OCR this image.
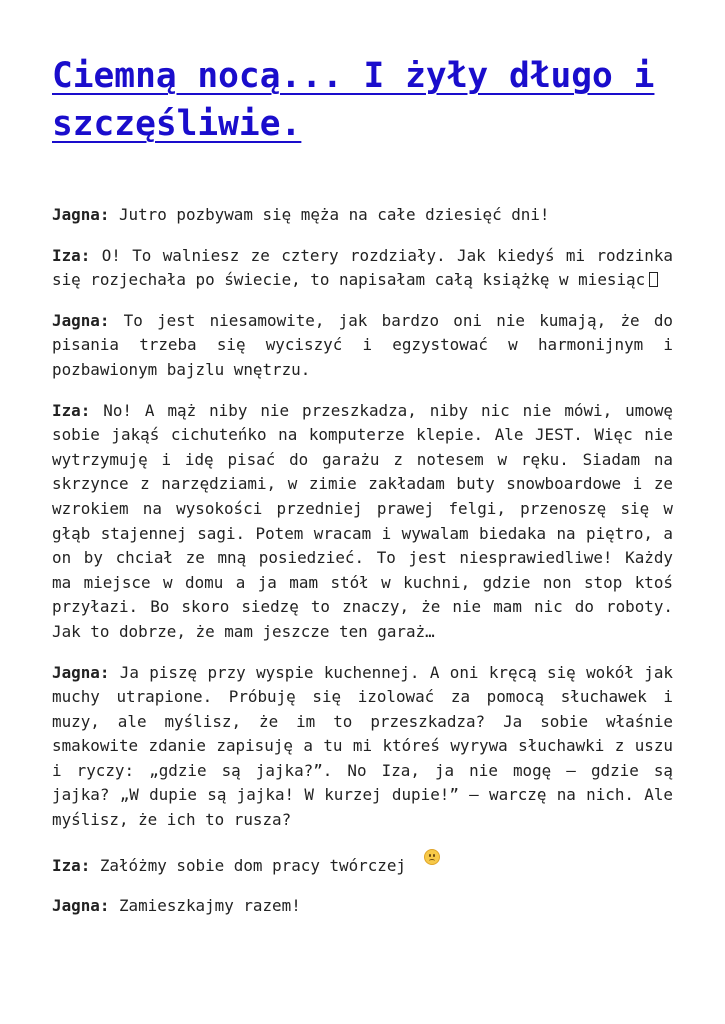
Ciemną nocą... I żyły długo i szczęśliwie.

Jagna: Jutro pozbywam się męża na całe dziesięć dni!

Iza: O! To walniesz ze cztery rozdziały. Jak kiedyś mi rodzinka się rozjechała po świecie, to napisałam całą książkę w miesiąc

Jagna: To jest niesamowite, jak bardzo oni nie kumają, że do pisania trzeba się wyciszyć i egzystować w harmonijnym i pozbawionym bajzlu wnętrzu.

Iza: No! A mąż niby nie przeszkadza, niby nic nie mówi, umowę sobie jakąś cichuteńko na komputerze klepie. Ale JEST. Więc nie wytrzymuję i idę pisać do garażu z notesem w ręku. Siadam na skrzynce z narzędziami, w zimie zakładam buty snowboardowe i ze wzrokiem na wysokości przedniej prawej felgi, przenoszę się w głąb stajennej sagi. Potem wracam i wywalam biedaka na piętro, a on by chciał ze mną posiedzieć. To jest niesprawiedliwe! Każdy ma miejsce w domu a ja mam stół w kuchni, gdzie non stop ktoś przyłazi. Bo skoro siedzę to znaczy, że nie mam nic do roboty. Jak to dobrze, że mam jeszcze ten garaż…

Jagna: Ja piszę przy wyspie kuchennej. A oni kręcą się wokół jak muchy utrapione. Próbuję się izolować za pomocą słuchawek i muzy, ale myślisz, że im to przeszkadza? Ja sobie właśnie smakowite zdanie zapisuję a tu mi któreś wyrywa słuchawki z uszu i ryczy: „gdzie są jajka?”. No Iza, ja nie mogę – gdzie są jajka? „W dupie są jajka! W kurzej dupie!” – warczę na nich. Ale myślisz, że ich to rusza?

Iza: Załóżmy sobie dom pracy twórczej

Jagna: Zamieszkajmy razem!
